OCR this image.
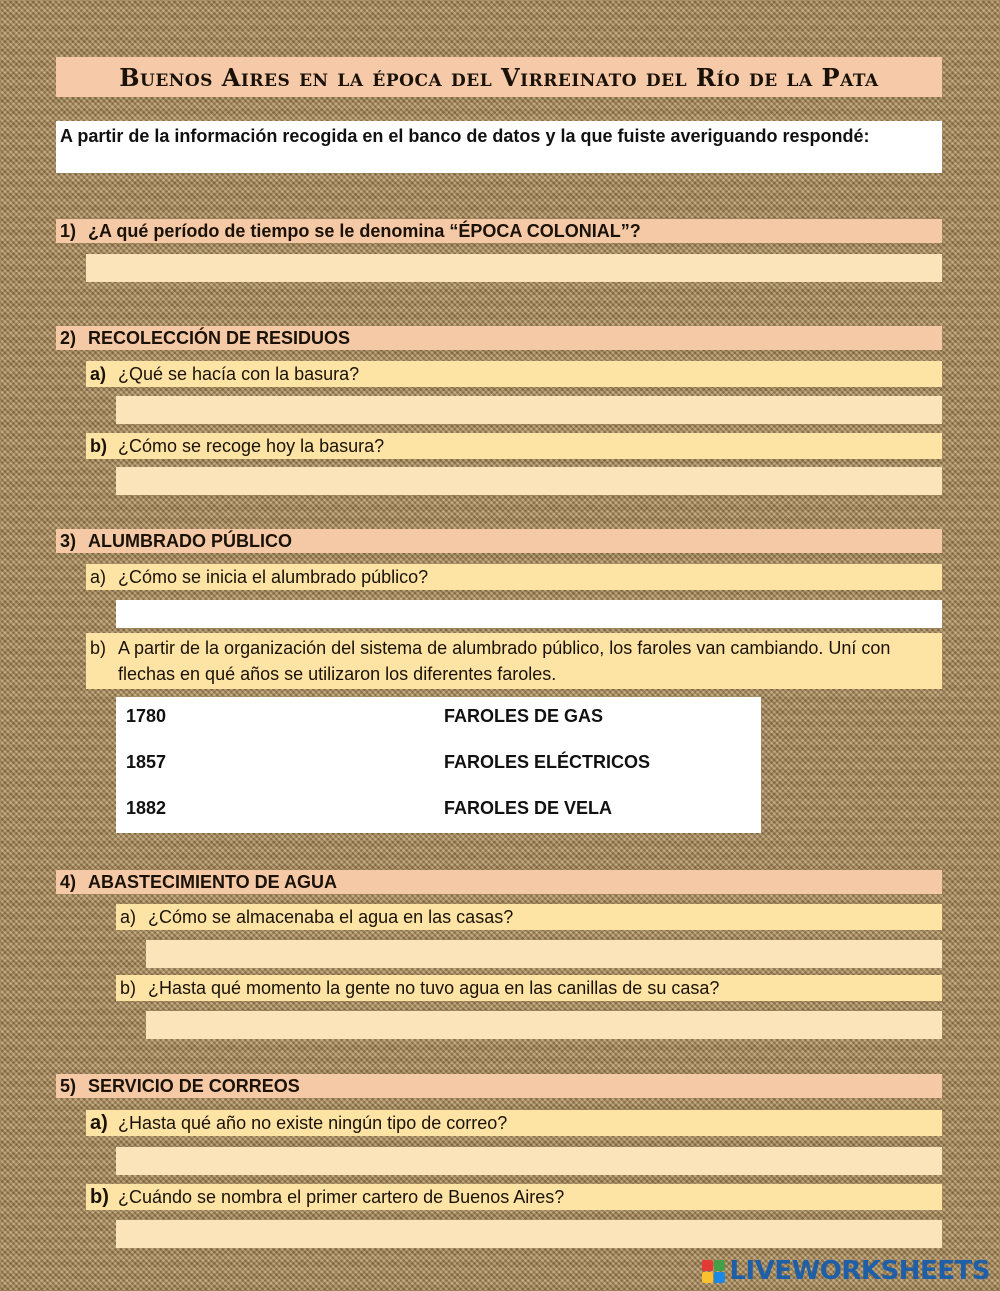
Buenos Aires en la época del Virreinato del Río de la Pata
A partir de la información recogida en el banco de datos y la que fuiste averiguando respondé:
1) ¿A qué período de tiempo se le denomina “ÉPOCA COLONIAL”?
2) RECOLECCIÓN DE RESIDUOS
a) ¿Qué se hacía con la basura?
b) ¿Cómo se recoge hoy la basura?
3) ALUMBRADO PÚBLICO
a) ¿Cómo se inicia el alumbrado público?
b) A partir de la organización del sistema de alumbrado público, los faroles van cambiando. Uní con flechas en qué años se utilizaron los diferentes faroles.
1780	FAROLES DE GAS
1857	FAROLES ELÉCTRICOS
1882	FAROLES DE VELA
4) ABASTECIMIENTO DE AGUA
a) ¿Cómo se almacenaba el agua en las casas?
b) ¿Hasta qué momento la gente no tuvo agua en las canillas de su casa?
5) SERVICIO DE CORREOS
a) ¿Hasta qué año no existe ningún tipo de correo?
b) ¿Cuándo se nombra el primer cartero de Buenos Aires?
LIVEWORKSHEETS
